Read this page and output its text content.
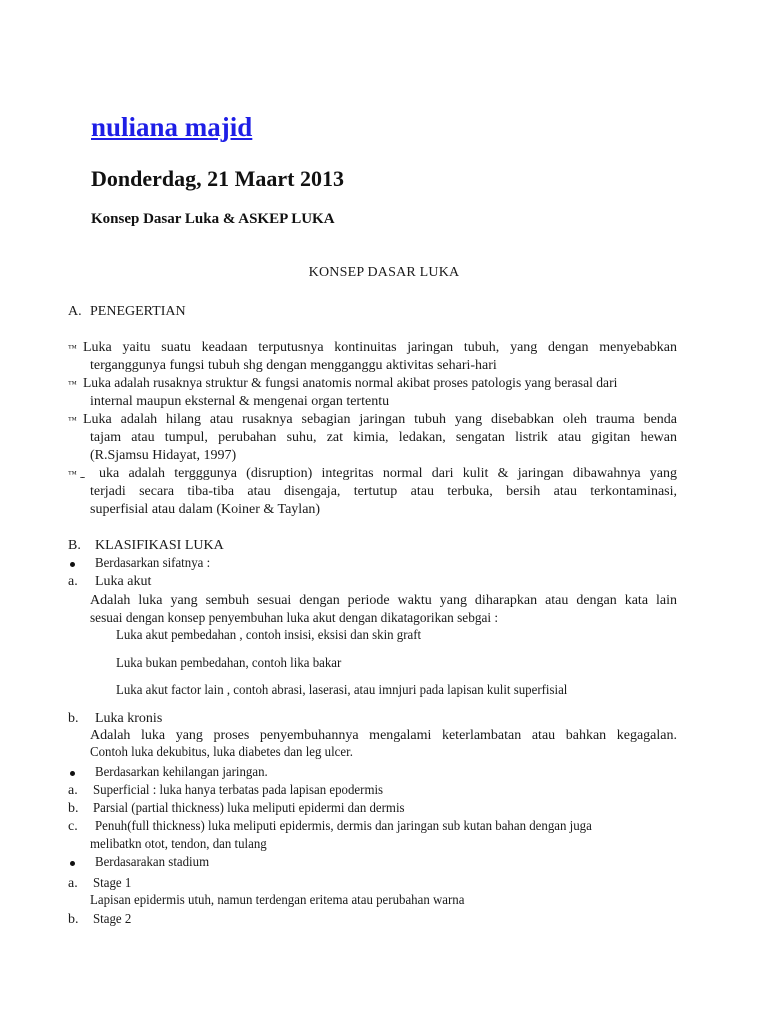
nuliana majid
Donderdag, 21 Maart 2013
Konsep Dasar Luka & ASKEP LUKA
KONSEP DASAR LUKA
A. PENEGERTIAN
™ Luka yaitu suatu keadaan terputusnya kontinuitas jaringan tubuh, yang dengan menyebabkan
terganggunya fungsi tubuh shg dengan mengganggu aktivitas sehari-hari
™ Luka adalah rusaknya struktur & fungsi anatomis normal akibat proses patologis yang berasal dari
internal maupun eksternal & mengenai organ tertentu
™ Luka adalah hilang atau rusaknya sebagian jaringan tubuh yang disebabkan oleh trauma benda
tajam atau tumpul, perubahan suhu, zat kimia, ledakan, sengatan listrik atau gigitan hewan
(R.Sjamsu Hidayat, 1997)
™ -- uka adalah tergggunya (disruption) integritas normal dari kulit & jaringan dibawahnya yang
terjadi secara tiba-tiba atau disengaja, tertutup atau terbuka, bersih atau terkontaminasi,
superfisial atau dalam (Koiner & Taylan)
B. KLASIFIKASI LUKA
Berdasarkan sifatnya :
a. Luka akut
Adalah luka yang sembuh sesuai dengan periode waktu yang diharapkan atau dengan kata lain
sesuai dengan konsep penyembuhan luka akut dengan dikatagorikan sebgai :
Luka akut pembedahan , contoh insisi, eksisi dan skin graft
Luka bukan pembedahan, contoh lika bakar
Luka akut factor lain , contoh abrasi, laserasi, atau imnjuri pada lapisan kulit superfisial
b. Luka kronis
Adalah luka yang proses penyembuhannya mengalami keterlambatan atau bahkan kegagalan.
Contoh luka dekubitus, luka diabetes dan leg ulcer.
Berdasarkan kehilangan jaringan.
a. Superficial : luka hanya terbatas pada lapisan epodermis
b. Parsial (partial thickness) luka meliputi epidermi dan dermis
c. Penuh(full thickness) luka meliputi epidermis, dermis dan jaringan sub kutan bahan dengan juga
melibatkn otot, tendon, dan tulang
Berdasarakan stadium
a. Stage 1
Lapisan epidermis utuh, namun terdengan eritema atau perubahan warna
b. Stage 2
